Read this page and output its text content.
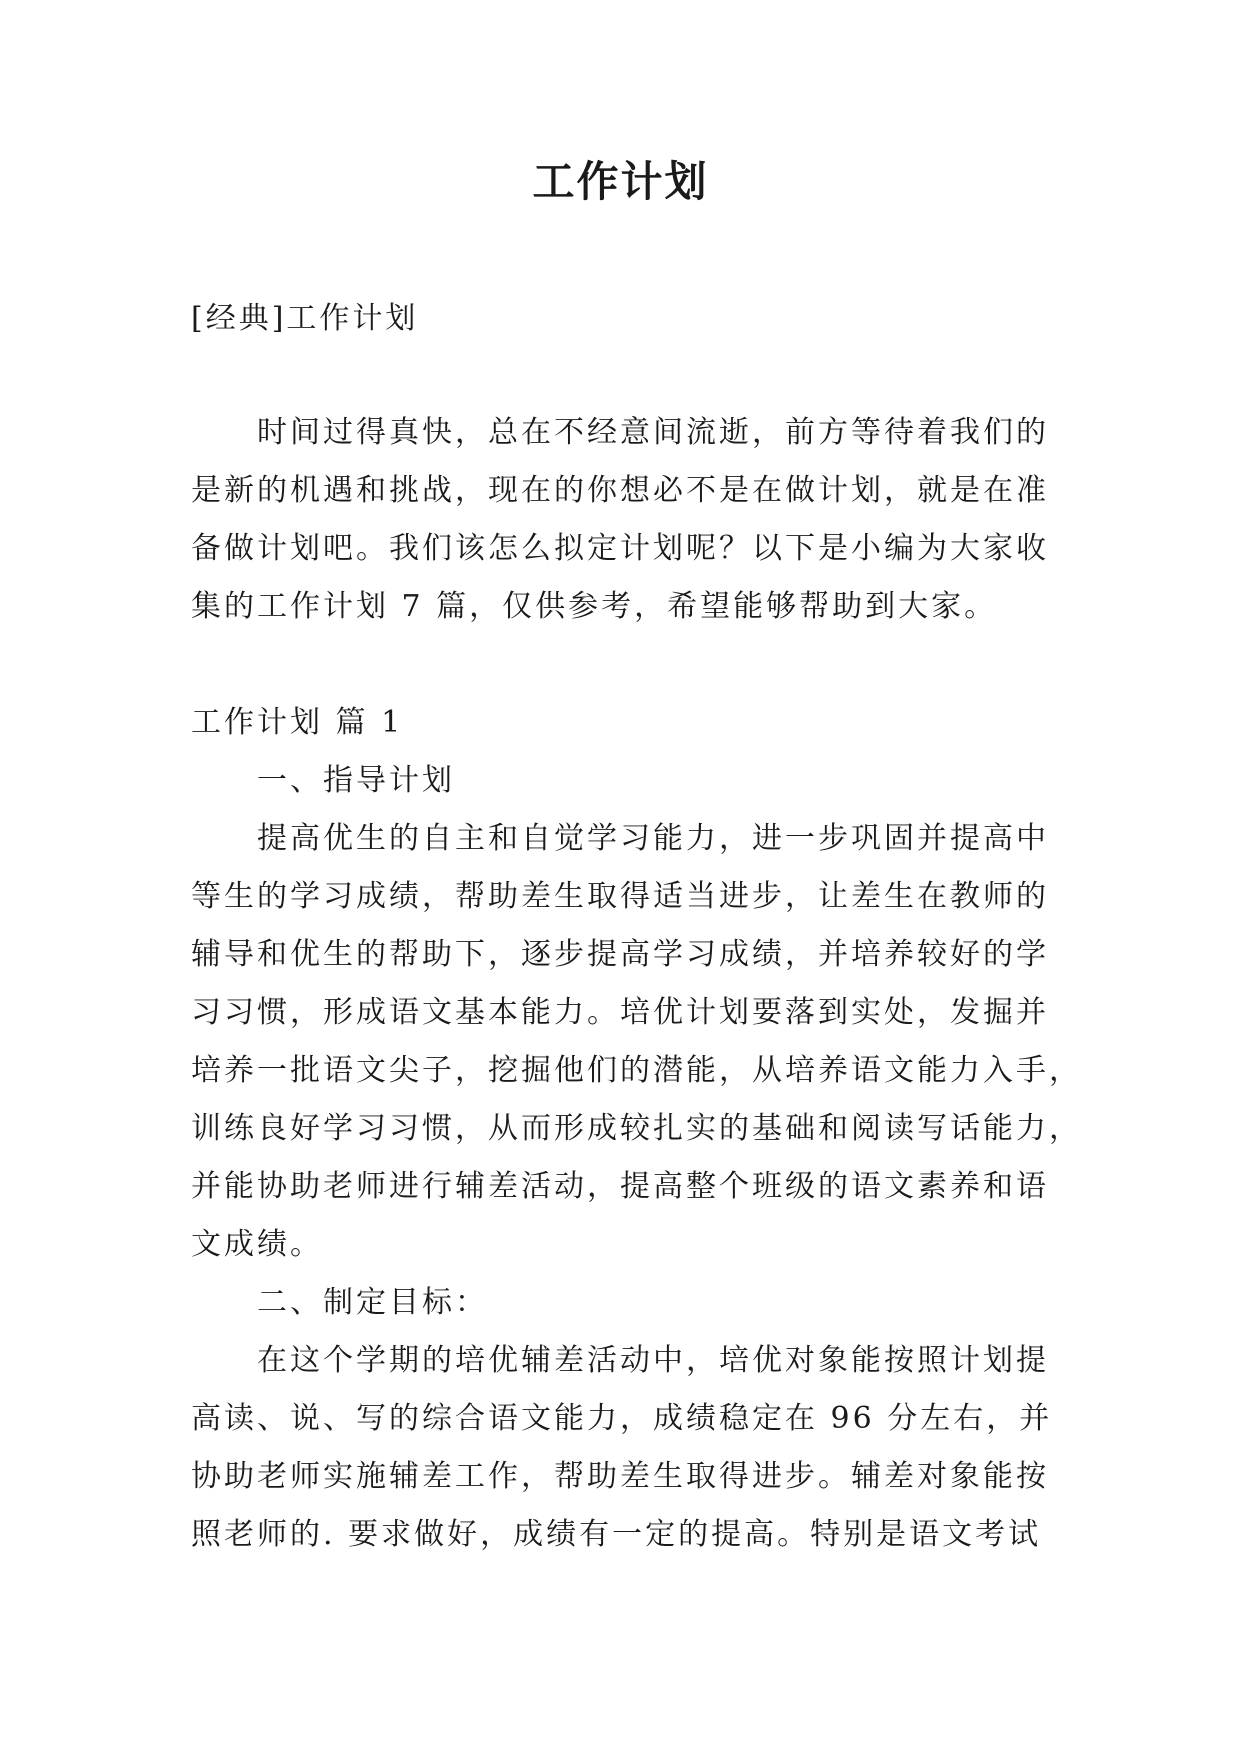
工作计划
[经典]工作计划
时间过得真快，总在不经意间流逝，前方等待着我们的
是新的机遇和挑战，现在的你想必不是在做计划，就是在准
备做计划吧。我们该怎么拟定计划呢？以下是小编为大家收
集的工作计划 7 篇，仅供参考，希望能够帮助到大家。
工作计划 篇 1
一、指导计划
提高优生的自主和自觉学习能力，进一步巩固并提高中
等生的学习成绩，帮助差生取得适当进步，让差生在教师的
辅导和优生的帮助下，逐步提高学习成绩，并培养较好的学
习习惯，形成语文基本能力。培优计划要落到实处，发掘并
培养一批语文尖子，挖掘他们的潜能，从培养语文能力入手，
训练良好学习习惯，从而形成较扎实的基础和阅读写话能力，
并能协助老师进行辅差活动，提高整个班级的语文素养和语
文成绩。
二、制定目标：
在这个学期的培优辅差活动中，培优对象能按照计划提
高读、说、写的综合语文能力，成绩稳定在 96 分左右，并
协助老师实施辅差工作，帮助差生取得进步。辅差对象能按
照老师的. 要求做好，成绩有一定的提高。特别是语文考试
